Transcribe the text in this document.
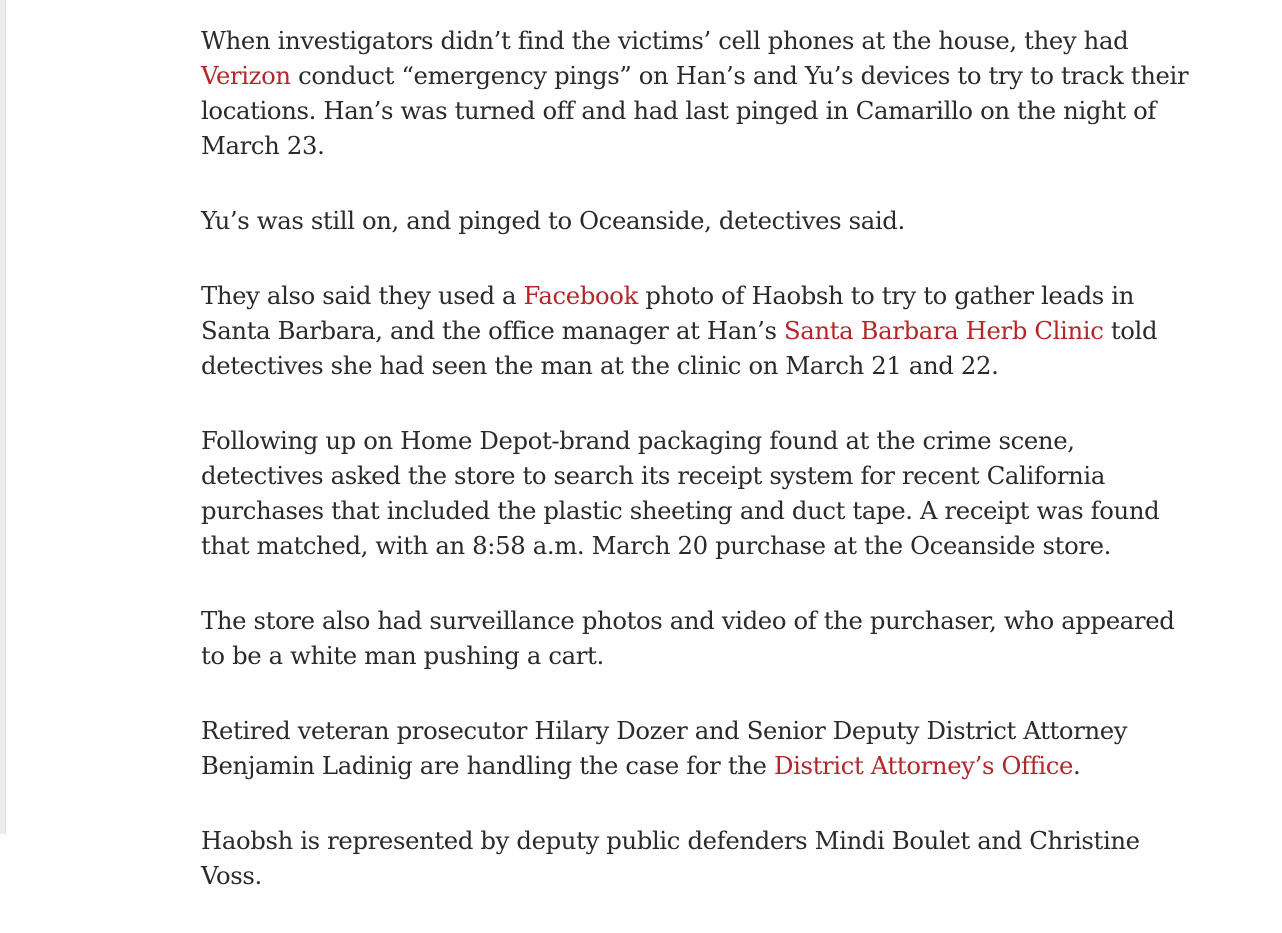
When investigators didn’t find the victims’ cell phones at the house, they had Verizon conduct “emergency pings” on Han’s and Yu’s devices to try to track their locations. Han’s was turned off and had last pinged in Camarillo on the night of March 23.

Yu’s was still on, and pinged to Oceanside, detectives said.

They also said they used a Facebook photo of Haobsh to try to gather leads in Santa Barbara, and the office manager at Han’s Santa Barbara Herb Clinic told detectives she had seen the man at the clinic on March 21 and 22.

Following up on Home Depot-brand packaging found at the crime scene, detectives asked the store to search its receipt system for recent California purchases that included the plastic sheeting and duct tape. A receipt was found that matched, with an 8:58 a.m. March 20 purchase at the Oceanside store.

The store also had surveillance photos and video of the purchaser, who appeared to be a white man pushing a cart.

Retired veteran prosecutor Hilary Dozer and Senior Deputy District Attorney Benjamin Ladinig are handling the case for the District Attorney’s Office.

Haobsh is represented by deputy public defenders Mindi Boulet and Christine Voss.
